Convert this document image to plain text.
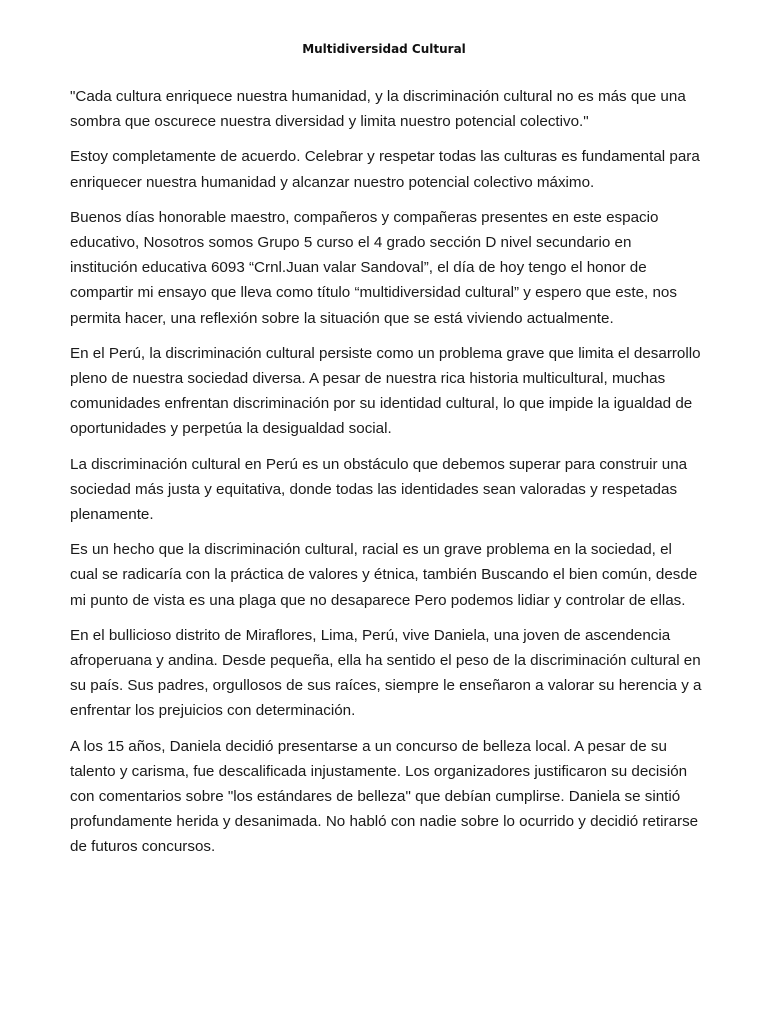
Multidiversidad Cultural

"Cada cultura enriquece nuestra humanidad, y la discriminación cultural no es más que una sombra que oscurece nuestra diversidad y limita nuestro potencial colectivo."

Estoy completamente de acuerdo. Celebrar y respetar todas las culturas es fundamental para enriquecer nuestra humanidad y alcanzar nuestro potencial colectivo máximo.

Buenos días honorable maestro, compañeros y compañeras presentes en este espacio educativo, Nosotros somos Grupo 5 curso el 4 grado sección D nivel secundario en institución educativa 6093 “Crnl.Juan valar Sandoval”, el día de hoy tengo el honor de compartir mi ensayo que lleva como título “multidiversidad cultural” y espero que este, nos permita hacer, una reflexión sobre la situación que se está viviendo actualmente.

En el Perú, la discriminación cultural persiste como un problema grave que limita el desarrollo pleno de nuestra sociedad diversa. A pesar de nuestra rica historia multicultural, muchas comunidades enfrentan discriminación por su identidad cultural, lo que impide la igualdad de oportunidades y perpetúa la desigualdad social.

La discriminación cultural en Perú es un obstáculo que debemos superar para construir una sociedad más justa y equitativa, donde todas las identidades sean valoradas y respetadas plenamente.

Es un hecho que la discriminación cultural, racial es un grave problema en la sociedad, el cual se radicaría con la práctica de valores y étnica, también Buscando el bien común, desde mi punto de vista es una plaga que no desaparece Pero podemos lidiar y controlar de ellas.

En el bullicioso distrito de Miraflores, Lima, Perú, vive Daniela, una joven de ascendencia afroperuana y andina. Desde pequeña, ella ha sentido el peso de la discriminación cultural en su país. Sus padres, orgullosos de sus raíces, siempre le enseñaron a valorar su herencia y a enfrentar los prejuicios con determinación.

A los 15 años, Daniela decidió presentarse a un concurso de belleza local. A pesar de su talento y carisma, fue descalificada injustamente. Los organizadores justificaron su decisión con comentarios sobre "los estándares de belleza" que debían cumplirse. Daniela se sintió profundamente herida y desanimada. No habló con nadie sobre lo ocurrido y decidió retirarse de futuros concursos.
